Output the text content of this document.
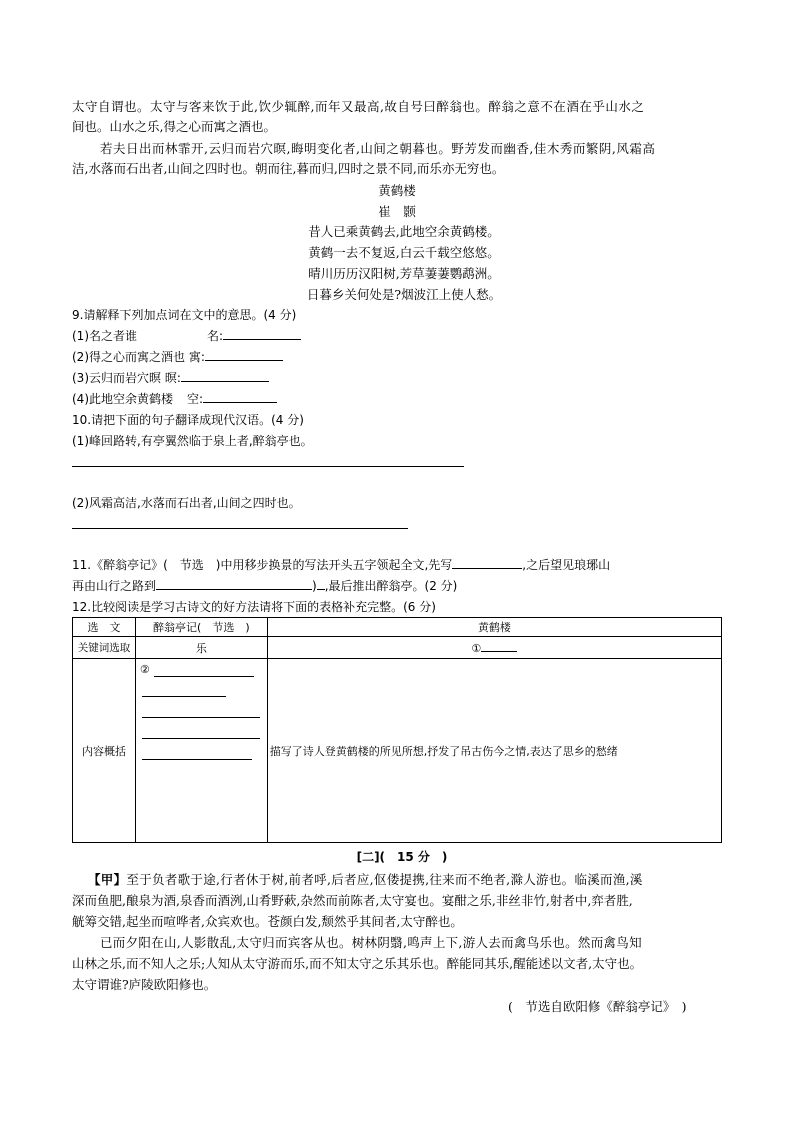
太守自谓也。太守与客来饮于此,饮少辄醉,而年又最高,故自号曰醉翁也。醉翁之意不在酒在乎山水之
间也。山水之乐,得之心而寓之酒也。
若夫日出而林霏开,云归而岩穴暝,晦明变化者,山间之朝暮也。野芳发而幽香,佳木秀而繁阴,风霜高
洁,水落而石出者,山间之四时也。朝而往,暮而归,四时之景不同,而乐亦无穷也。
黄鹤楼
崔　颢
昔人已乘黄鹤去,此地空余黄鹤楼。
黄鹤一去不复返,白云千载空悠悠。
晴川历历汉阳树,芳草萋萋鹦鹉洲。
日暮乡关何处是?烟波江上使人愁。
9.请解释下列加点词在文中的意思。(4 分)
(1)名之者谁	名:
(2)得之心而寓之酒也 寓:
(3)云归而岩穴暝 暝:
(4)此地空余黄鹤楼 空:
10.请把下面的句子翻译成现代汉语。(4 分)
(1)峰回路转,有亭翼然临于泉上者,醉翁亭也。
(2)风霜高洁,水落而石出者,山间之四时也。
11.《醉翁亭记》(　节选　)中用移步换景的写法开头五字领起全文,先写	,之后望见琅琊山
再由山行之路到	) ,最后推出醉翁亭。(2 分)
12.比较阅读是学习古诗文的好方法请将下面的表格补充完整。(6 分)
选　文	醉翁亭记(　节选　)	黄鹤楼
关键词选取	乐	①
内容概括	②	描写了诗人登黄鹤楼的所见所想,抒发了吊古伤今之情,表达了思乡的愁绪
[二](　15 分　)
【甲】至于负者歌于途,行者休于树,前者呼,后者应,伛偻提携,往来而不绝者,滁人游也。临溪而渔,溪
深而鱼肥,酿泉为酒,泉香而酒洌,山肴野蔌,杂然而前陈者,太守宴也。宴酣之乐,非丝非竹,射者中,弈者胜,
觥筹交错,起坐而喧哗者,众宾欢也。苍颜白发,颓然乎其间者,太守醉也。
已而夕阳在山,人影散乱,太守归而宾客从也。树林阴翳,鸣声上下,游人去而禽鸟乐也。然而禽鸟知
山林之乐,而不知人之乐;人知从太守游而乐,而不知太守之乐其乐也。醉能同其乐,醒能述以文者,太守也。
太守谓谁?庐陵欧阳修也。
(　节选自欧阳修《醉翁亭记》　)
